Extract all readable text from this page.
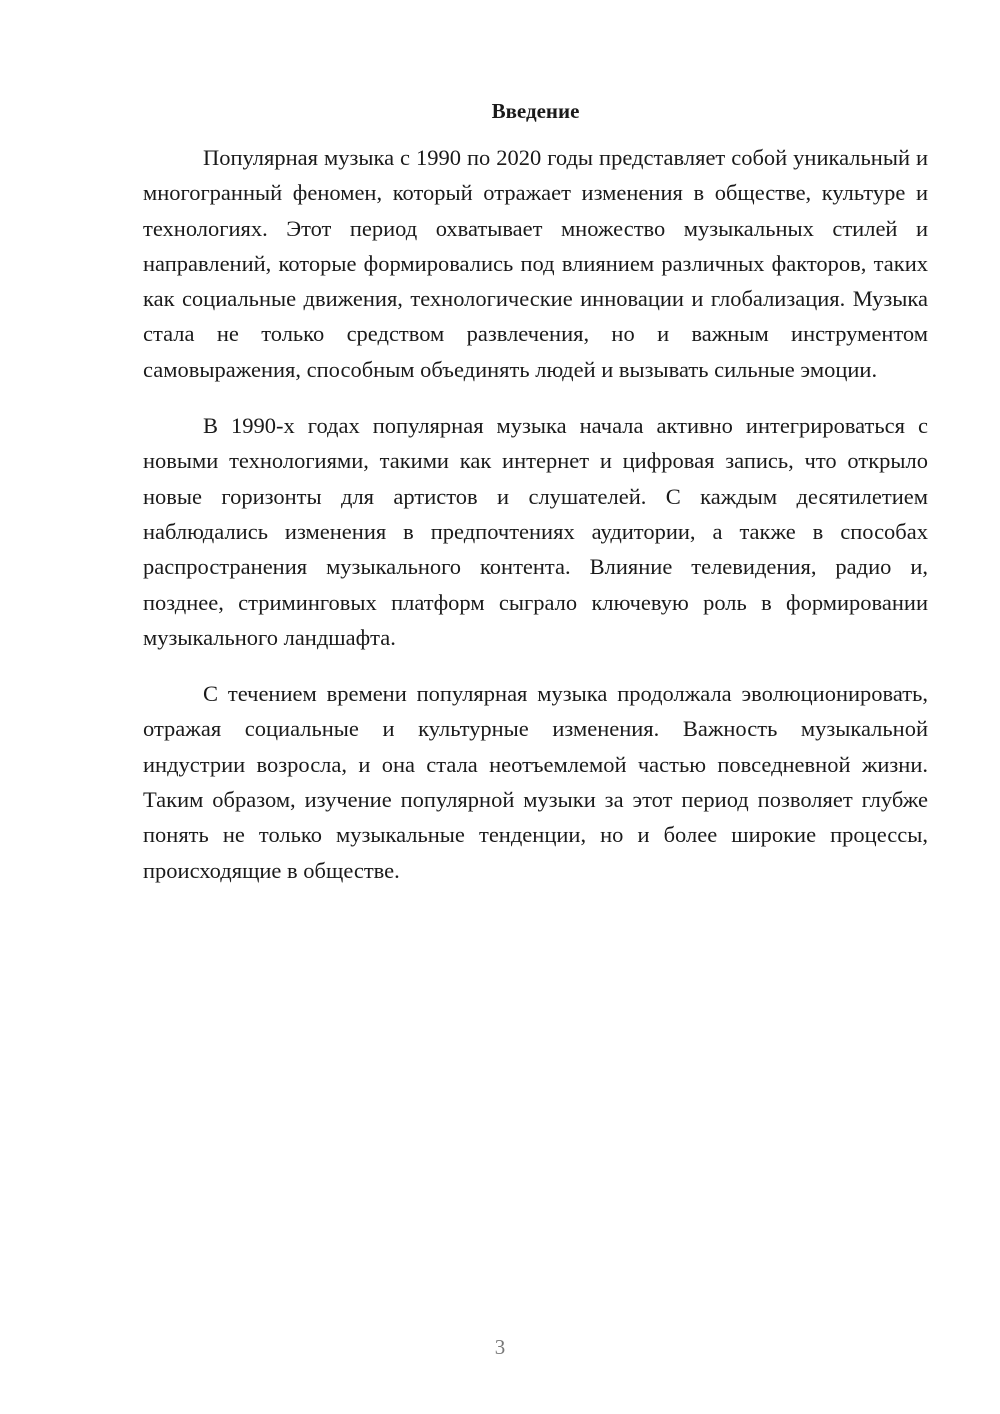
Введение

Популярная музыка с 1990 по 2020 годы представляет собой уникальный и многогранный феномен, который отражает изменения в обществе, культуре и технологиях. Этот период охватывает множество музыкальных стилей и направлений, которые формировались под влиянием различных факторов, таких как социальные движения, технологические инновации и глобализация. Музыка стала не только средством развлечения, но и важным инструментом самовыражения, способным объединять людей и вызывать сильные эмоции.

В 1990-х годах популярная музыка начала активно интегрироваться с новыми технологиями, такими как интернет и цифровая запись, что открыло новые горизонты для артистов и слушателей. С каждым десятилетием наблюдались изменения в предпочтениях аудитории, а также в способах распространения музыкального контента. Влияние телевидения, радио и, позднее, стриминговых платформ сыграло ключевую роль в формировании музыкального ландшафта.

С течением времени популярная музыка продолжала эволюционировать, отражая социальные и культурные изменения. Важность музыкальной индустрии возросла, и она стала неотъемлемой частью повседневной жизни. Таким образом, изучение популярной музыки за этот период позволяет глубже понять не только музыкальные тенденции, но и более широкие процессы, происходящие в обществе.

3
